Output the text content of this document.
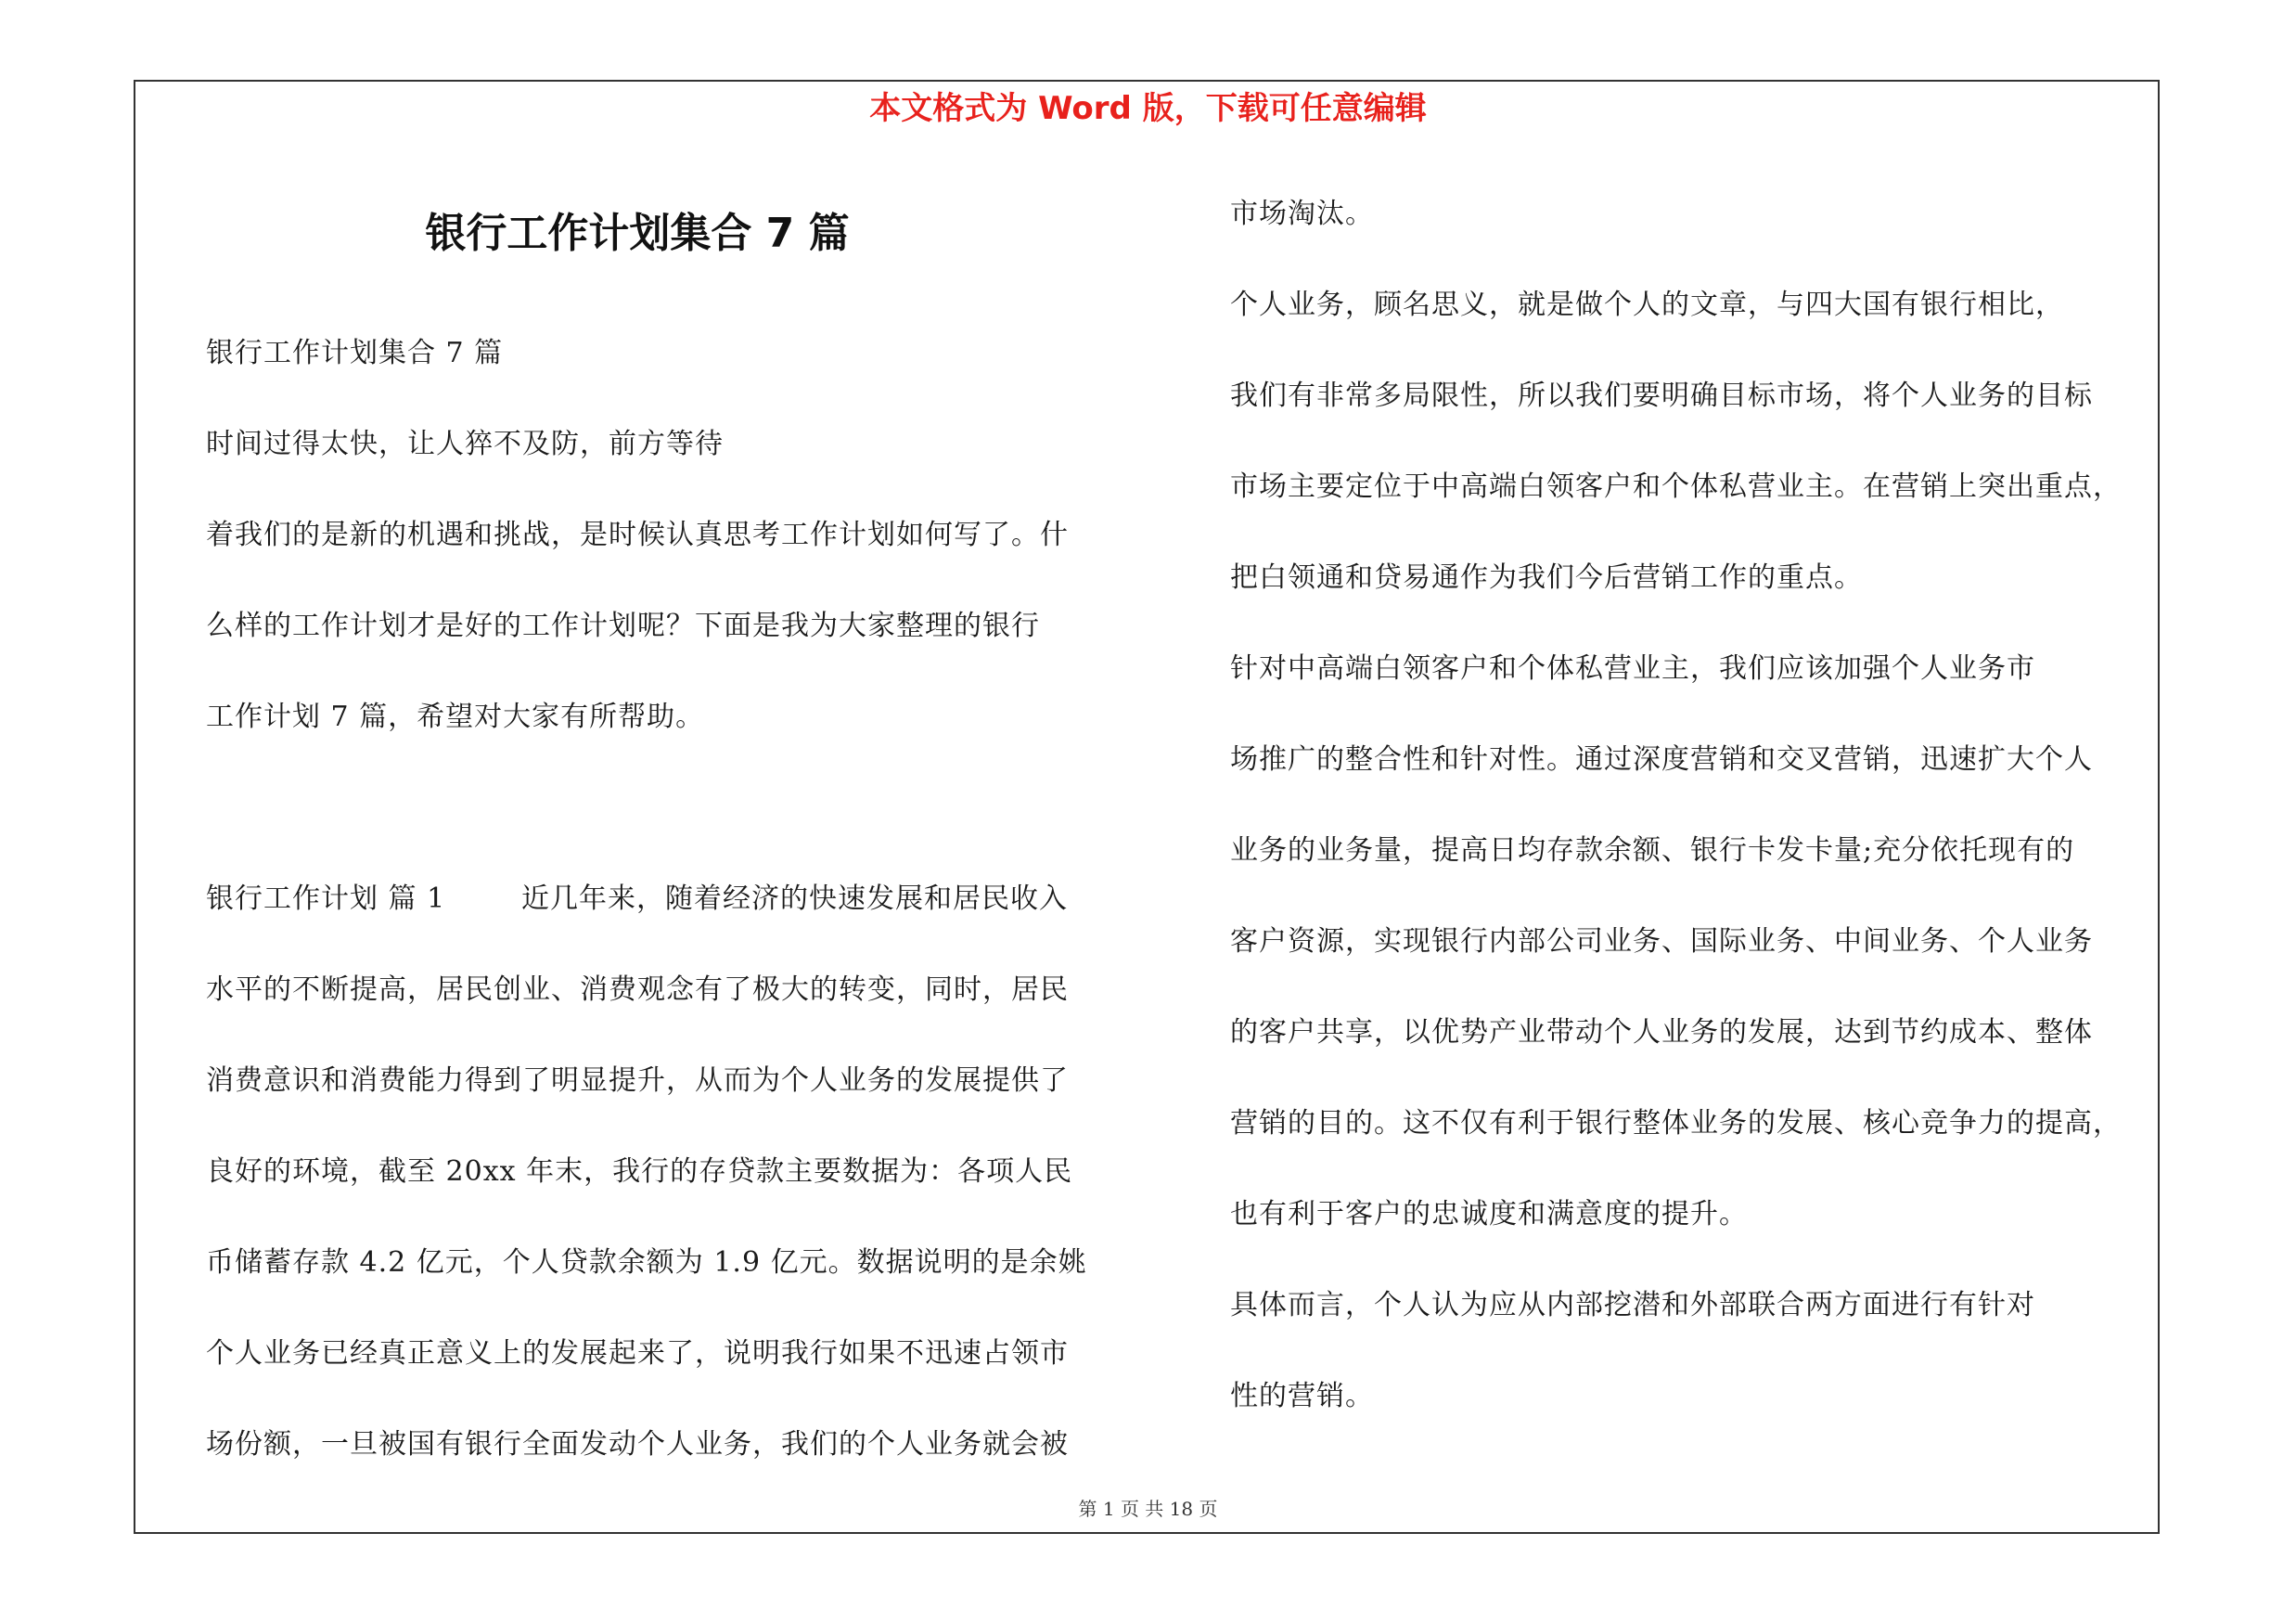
本文格式为 Word 版，下载可任意编辑
银行工作计划集合 7 篇

银行工作计划集合 7 篇

时间过得太快，让人猝不及防，前方等待

着我们的是新的机遇和挑战，是时候认真思考工作计划如何写了。什

么样的工作计划才是好的工作计划呢？下面是我为大家整理的银行

工作计划 7 篇，希望对大家有所帮助。

银行工作计划 篇 1	近几年来，随着经济的快速发展和居民收入

水平的不断提高，居民创业、消费观念有了极大的转变，同时，居民

消费意识和消费能力得到了明显提升，从而为个人业务的发展提供了

良好的环境，截至 20xx 年末，我行的存贷款主要数据为：各项人民

币储蓄存款 4.2 亿元，个人贷款余额为 1.9 亿元。数据说明的是余姚

个人业务已经真正意义上的发展起来了，说明我行如果不迅速占领市

场份额，一旦被国有银行全面发动个人业务，我们的个人业务就会被

市场淘汰。

个人业务，顾名思义，就是做个人的文章，与四大国有银行相比，

我们有非常多局限性，所以我们要明确目标市场，将个人业务的目标

市场主要定位于中高端白领客户和个体私营业主。在营销上突出重点，

把白领通和贷易通作为我们今后营销工作的重点。

针对中高端白领客户和个体私营业主，我们应该加强个人业务市

场推广的整合性和针对性。通过深度营销和交叉营销，迅速扩大个人

业务的业务量，提高日均存款余额、银行卡发卡量;充分依托现有的

客户资源，实现银行内部公司业务、国际业务、中间业务、个人业务

的客户共享，以优势产业带动个人业务的发展，达到节约成本、整体

营销的目的。这不仅有利于银行整体业务的发展、核心竞争力的提高，

也有利于客户的忠诚度和满意度的提升。

具体而言，个人认为应从内部挖潜和外部联合两方面进行有针对

性的营销。

第 1 页 共 18 页
